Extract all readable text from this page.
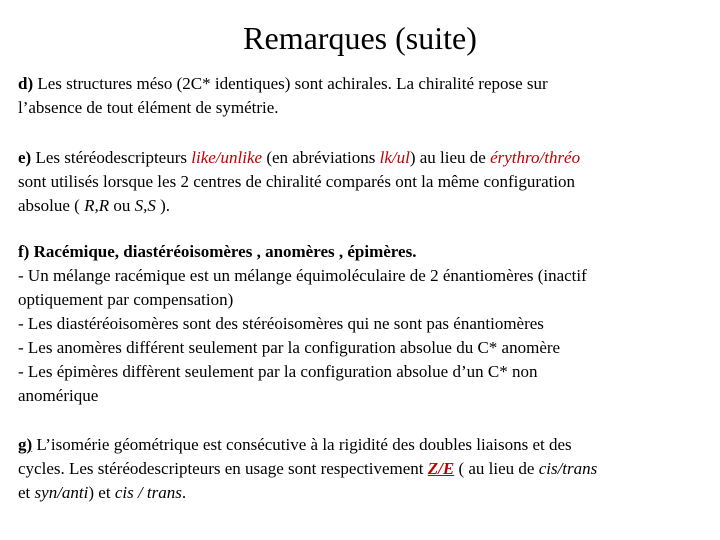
Remarques (suite)
d) Les structures méso (2C* identiques) sont achirales. La chiralité repose sur
l’absence de tout élément de symétrie.
e) Les stéréodescripteurs like/unlike (en abréviations lk/ul) au lieu de érythro/thréo
sont utilisés lorsque les 2 centres de chiralité comparés ont la même configuration
absolue ( R,R ou S,S ).
f) Racémique, diastéréoisomères , anomères , épimères.
- Un mélange racémique est un mélange équimoléculaire de 2 énantiomères (inactif
optiquement par compensation)
- Les diastéréoisomères sont des stéréoisomères qui ne sont pas énantiomères
- Les anomères différent seulement par la configuration absolue du C* anomère
- Les épimères diffèrent seulement par la configuration absolue d’un C* non
anomérique
g) L’isomérie géométrique est consécutive à la rigidité des doubles liaisons et des
cycles. Les stéréodescripteurs en usage sont respectivement Z/E ( au lieu de cis/trans
et syn/anti) et cis / trans.
